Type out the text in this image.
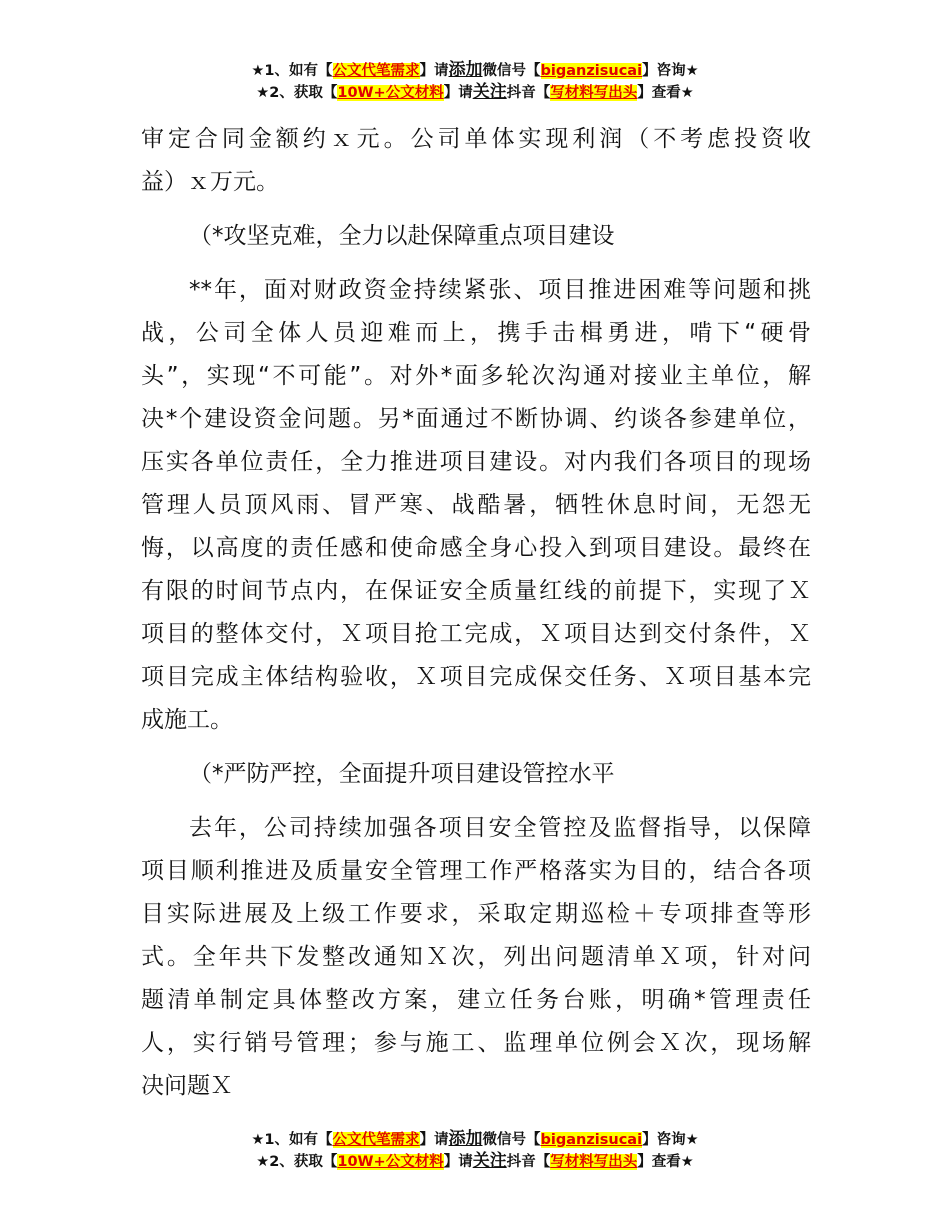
★1、如有【公文代笔需求】请添加微信号【biganzisucai】咨询★
★2、获取【10W+公文材料】请关注抖音【写材料写出头】查看★
审定合同金额约ｘ元。公司单体实现利润（不考虑投资收
益）ｘ万元。
（*攻坚克难，全力以赴保障重点项目建设
**年，面对财政资金持续紧张、项目推进困难等问题和挑
战，公司全体人员迎难而上，携手击楫勇进，啃下“硬骨
头”，实现“不可能”。对外*面多轮次沟通对接业主单位，解
决*个建设资金问题。另*面通过不断协调、约谈各参建单位，
压实各单位责任，全力推进项目建设。对内我们各项目的现场
管理人员顶风雨、冒严寒、战酷暑，牺牲休息时间，无怨无
悔，以高度的责任感和使命感全身心投入到项目建设。最终在
有限的时间节点内，在保证安全质量红线的前提下，实现了Ｘ
项目的整体交付，Ｘ项目抢工完成，Ｘ项目达到交付条件，Ｘ
项目完成主体结构验收，Ｘ项目完成保交任务、Ｘ项目基本完
成施工。
（*严防严控，全面提升项目建设管控水平
去年，公司持续加强各项目安全管控及监督指导，以保障
项目顺利推进及质量安全管理工作严格落实为目的，结合各项
目实际进展及上级工作要求，采取定期巡检＋专项排查等形
式。全年共下发整改通知Ｘ次，列出问题清单Ｘ项，针对问
题清单制定具体整改方案，建立任务台账，明确*管理责任
人，实行销号管理；参与施工、监理单位例会Ｘ次，现场解
决问题Ｘ
★1、如有【公文代笔需求】请添加微信号【biganzisucai】咨询★
★2、获取【10W+公文材料】请关注抖音【写材料写出头】查看★
